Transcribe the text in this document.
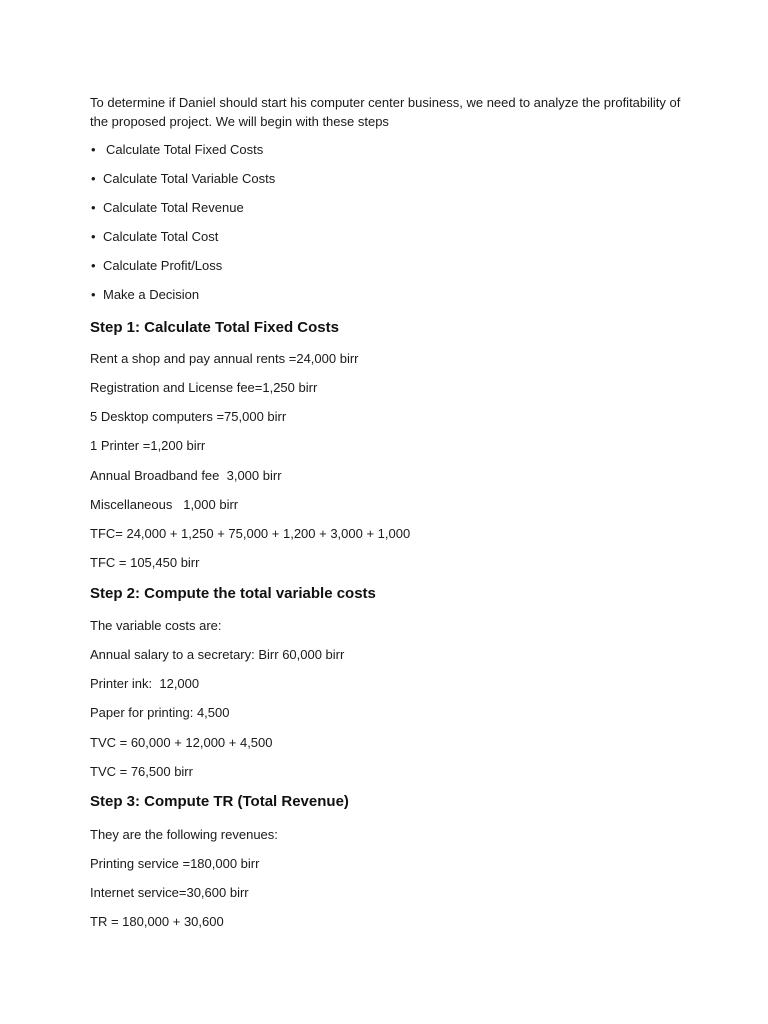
To determine if Daniel should start his computer center business, we need to analyze the profitability of the proposed project. We will begin with these steps

• Calculate Total Fixed Costs
• Calculate Total Variable Costs
• Calculate Total Revenue
• Calculate Total Cost
• Calculate Profit/Loss
• Make a Decision
Step 1: Calculate Total Fixed Costs

Rent a shop and pay annual rents =24,000 birr

Registration and License fee=1,250 birr

5 Desktop computers =75,000 birr

1 Printer =1,200 birr

Annual Broadband fee  3,000 birr

Miscellaneous   1,000 birr

TFC= 24,000 + 1,250 + 75,000 + 1,200 + 3,000 + 1,000

TFC = 105,450 birr

Step 2: Compute the total variable costs

The variable costs are:

Annual salary to a secretary: Birr 60,000 birr

Printer ink:  12,000

Paper for printing: 4,500

TVC = 60,000 + 12,000 + 4,500

TVC = 76,500 birr

Step 3: Compute TR (Total Revenue)

They are the following revenues:

Printing service =180,000 birr

Internet service=30,600 birr

TR = 180,000 + 30,600
